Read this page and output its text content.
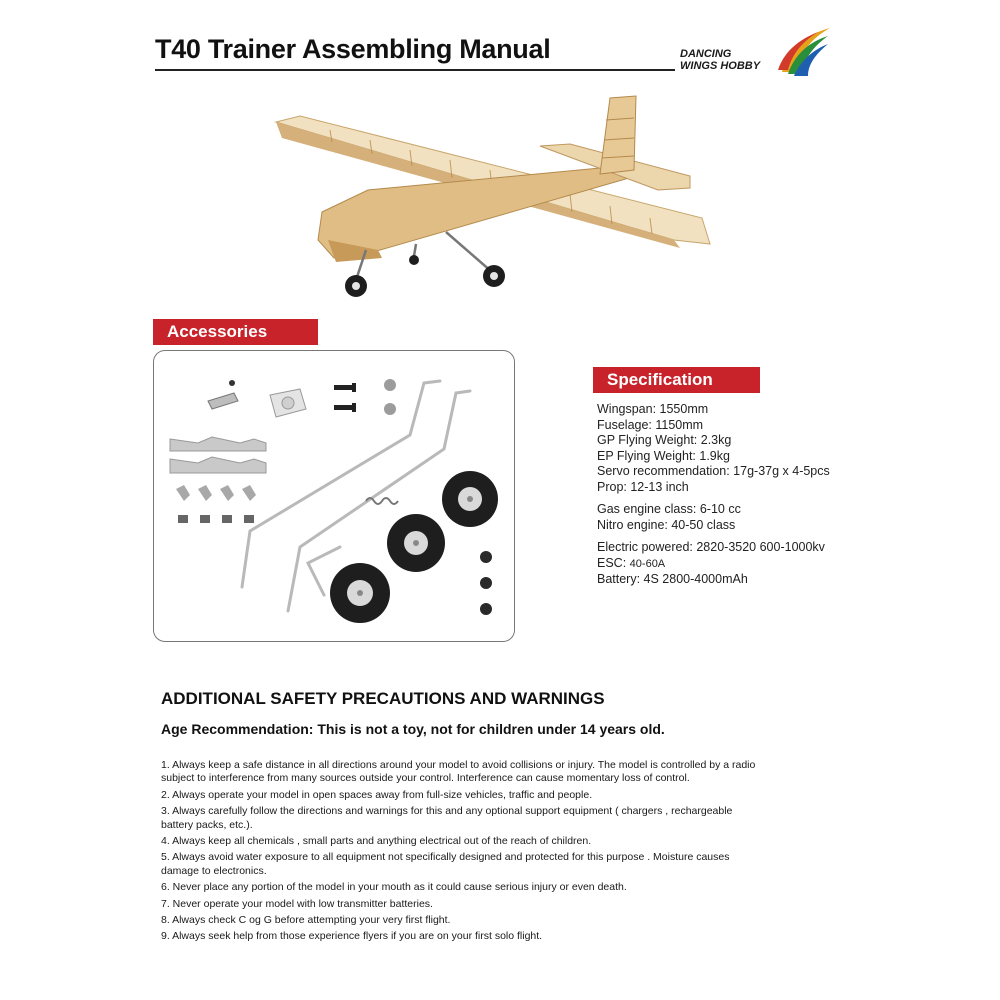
T40 Trainer Assembling Manual	DANCING
WINGS HOBBY
Accessories
Specification
Wingspan: 1550mm
Fuselage: 1150mm
GP Flying Weight: 2.3kg
EP Flying Weight: 1.9kg
Servo recommendation: 17g-37g x 4-5pcs
Prop: 12-13 inch
Gas engine class: 6-10 cc
Nitro engine: 40-50 class
Electric powered: 2820-3520 600-1000kv
ESC: 40-60A
Battery: 4S 2800-4000mAh
ADDITIONAL SAFETY PRECAUTIONS AND WARNINGS
Age Recommendation: This is not a toy, not for children under 14 years old.
1. Always keep a safe distance in all directions around your model to avoid collisions or injury. The model is controlled by a radio subject to interference from many sources outside your control. Interference can cause momentary loss of control.
2. Always operate your model in open spaces away from full-size vehicles, traffic and people.
3. Always carefully follow the directions and warnings for this and any optional support equipment ( chargers , rechargeable battery packs, etc.).
4. Always keep all chemicals , small parts and anything electrical out of the reach of children.
5. Always avoid water exposure to all equipment not specifically designed and protected for this purpose . Moisture causes damage to electronics.
6. Never place any portion of the model in your mouth as it could cause serious injury or even death.
7. Never operate your model with low transmitter batteries.
8. Always check C og G before attempting your very first flight.
9. Always seek help from those experience flyers if you are on your first solo flight.
